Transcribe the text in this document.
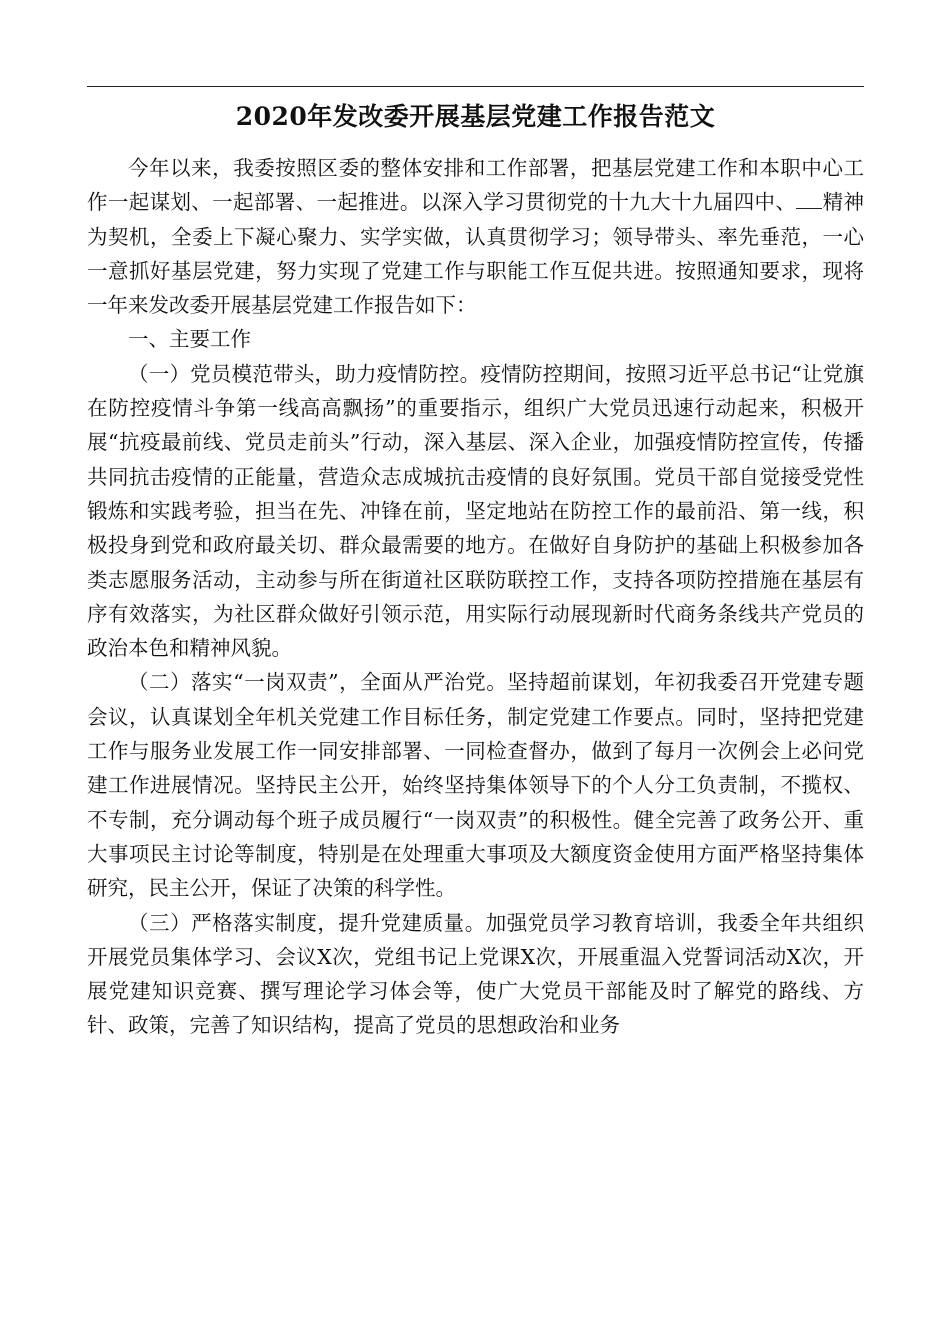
2020年发改委开展基层党建工作报告范文

今年以来，我委按照区委的整体安排和工作部署，把基层党建工作和本职中心工作一起谋划、一起部署、一起推进。以深入学习贯彻党的十九大十九届四中、 精神为契机，全委上下凝心聚力、实学实做，认真贯彻学习；领导带头、率先垂范，一心一意抓好基层党建，努力实现了党建工作与职能工作互促共进。按照通知要求，现将一年来发改委开展基层党建工作报告如下：

一、主要工作

（一）党员模范带头，助力疫情防控。疫情防控期间，按照习近平总书记“让党旗在防控疫情斗争第一线高高飘扬”的重要指示，组织广大党员迅速行动起来，积极开展“抗疫最前线、党员走前头”行动，深入基层、深入企业，加强疫情防控宣传，传播共同抗击疫情的正能量，营造众志成城抗击疫情的良好氛围。党员干部自觉接受党性锻炼和实践考验，担当在先、冲锋在前，坚定地站在防控工作的最前沿、第一线，积极投身到党和政府最关切、群众最需要的地方。在做好自身防护的基础上积极参加各类志愿服务活动，主动参与所在街道社区联防联控工作，支持各项防控措施在基层有序有效落实，为社区群众做好引领示范，用实际行动展现新时代商务条线共产党员的政治本色和精神风貌。

（二）落实“一岗双责”，全面从严治党。坚持超前谋划，年初我委召开党建专题会议，认真谋划全年机关党建工作目标任务，制定党建工作要点。同时，坚持把党建工作与服务业发展工作一同安排部署、一同检查督办，做到了每月一次例会上必问党建工作进展情况。坚持民主公开，始终坚持集体领导下的个人分工负责制，不揽权、不专制，充分调动每个班子成员履行“一岗双责”的积极性。健全完善了政务公开、重大事项民主讨论等制度，特别是在处理重大事项及大额度资金使用方面严格坚持集体研究，民主公开，保证了决策的科学性。

（三）严格落实制度，提升党建质量。加强党员学习教育培训，我委全年共组织开展党员集体学习、会议X次，党组书记上党课X次，开展重温入党誓词活动X次，开展党建知识竞赛、撰写理论学习体会等，使广大党员干部能及时了解党的路线、方针、政策，完善了知识结构，提高了党员的思想政治和业务
